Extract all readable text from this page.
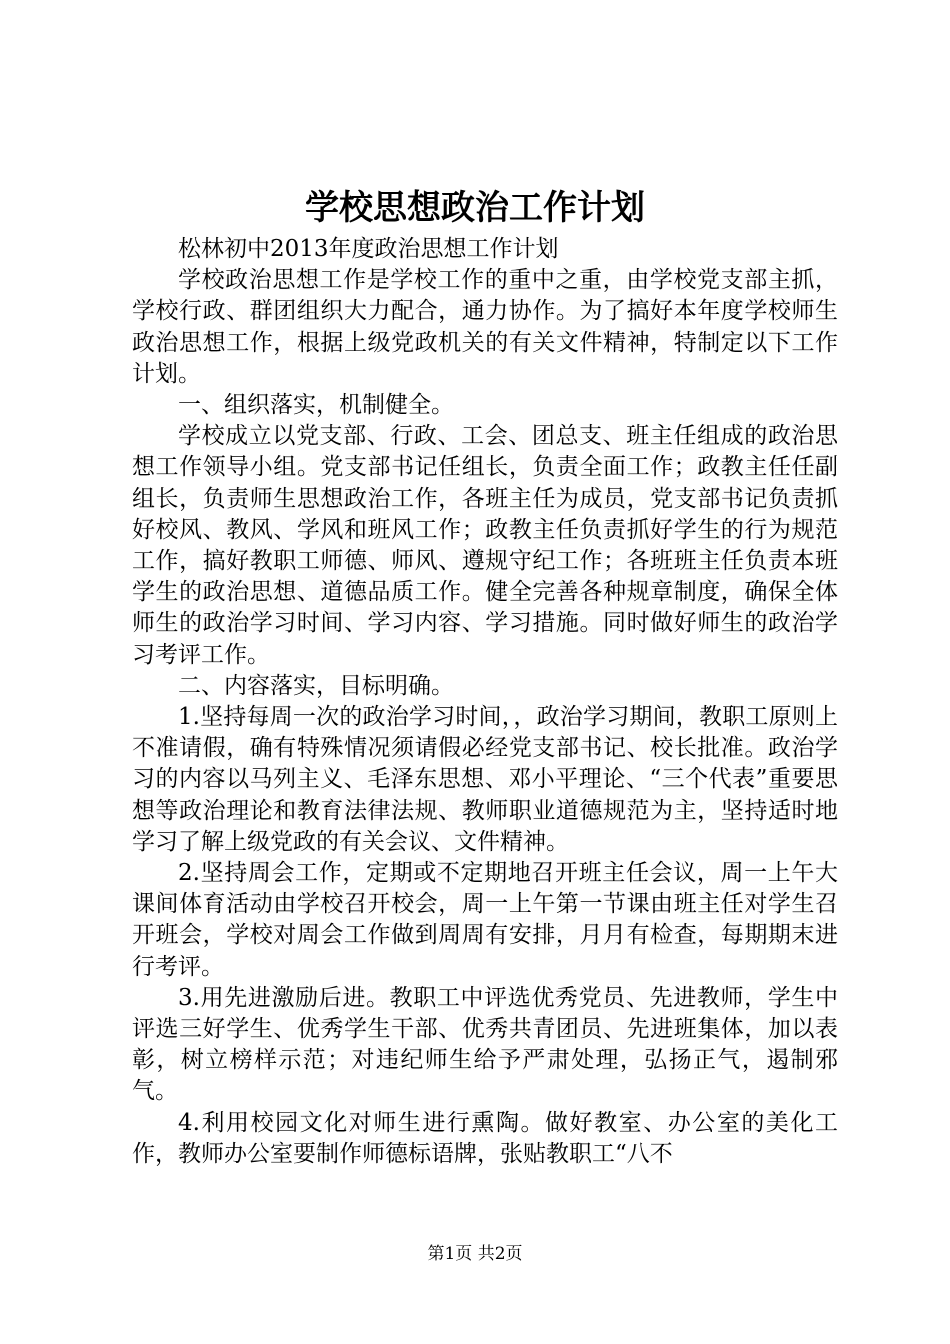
学校思想政治工作计划

松林初中2013年度政治思想工作计划

学校政治思想工作是学校工作的重中之重，由学校党支部主抓，学校行政、群团组织大力配合，通力协作。为了搞好本年度学校师生政治思想工作，根据上级党政机关的有关文件精神，特制定以下工作计划。

一、组织落实，机制健全。

学校成立以党支部、行政、工会、团总支、班主任组成的政治思想工作领导小组。党支部书记任组长，负责全面工作；政教主任任副组长，负责师生思想政治工作，各班主任为成员，党支部书记负责抓好校风、教风、学风和班风工作；政教主任负责抓好学生的行为规范工作，搞好教职工师德、师风、遵规守纪工作；各班班主任负责本班学生的政治思想、道德品质工作。健全完善各种规章制度，确保全体师生的政治学习时间、学习内容、学习措施。同时做好师生的政治学习考评工作。

二、内容落实，目标明确。

1.坚持每周一次的政治学习时间，，政治学习期间，教职工原则上不准请假，确有特殊情况须请假必经党支部书记、校长批准。政治学习的内容以马列主义、毛泽东思想、邓小平理论、“三个代表”重要思想等政治理论和教育法律法规、教师职业道德规范为主，坚持适时地学习了解上级党政的有关会议、文件精神。

2.坚持周会工作，定期或不定期地召开班主任会议，周一上午大课间体育活动由学校召开校会，周一上午第一节课由班主任对学生召开班会，学校对周会工作做到周周有安排，月月有检查，每期期末进行考评。

3.用先进激励后进。教职工中评选优秀党员、先进教师，学生中评选三好学生、优秀学生干部、优秀共青团员、先进班集体，加以表彰，树立榜样示范；对违纪师生给予严肃处理，弘扬正气，遏制邪气。

4.利用校园文化对师生进行熏陶。做好教室、办公室的美化工作，教师办公室要制作师德标语牌，张贴教职工“八不

第1页 共2页
